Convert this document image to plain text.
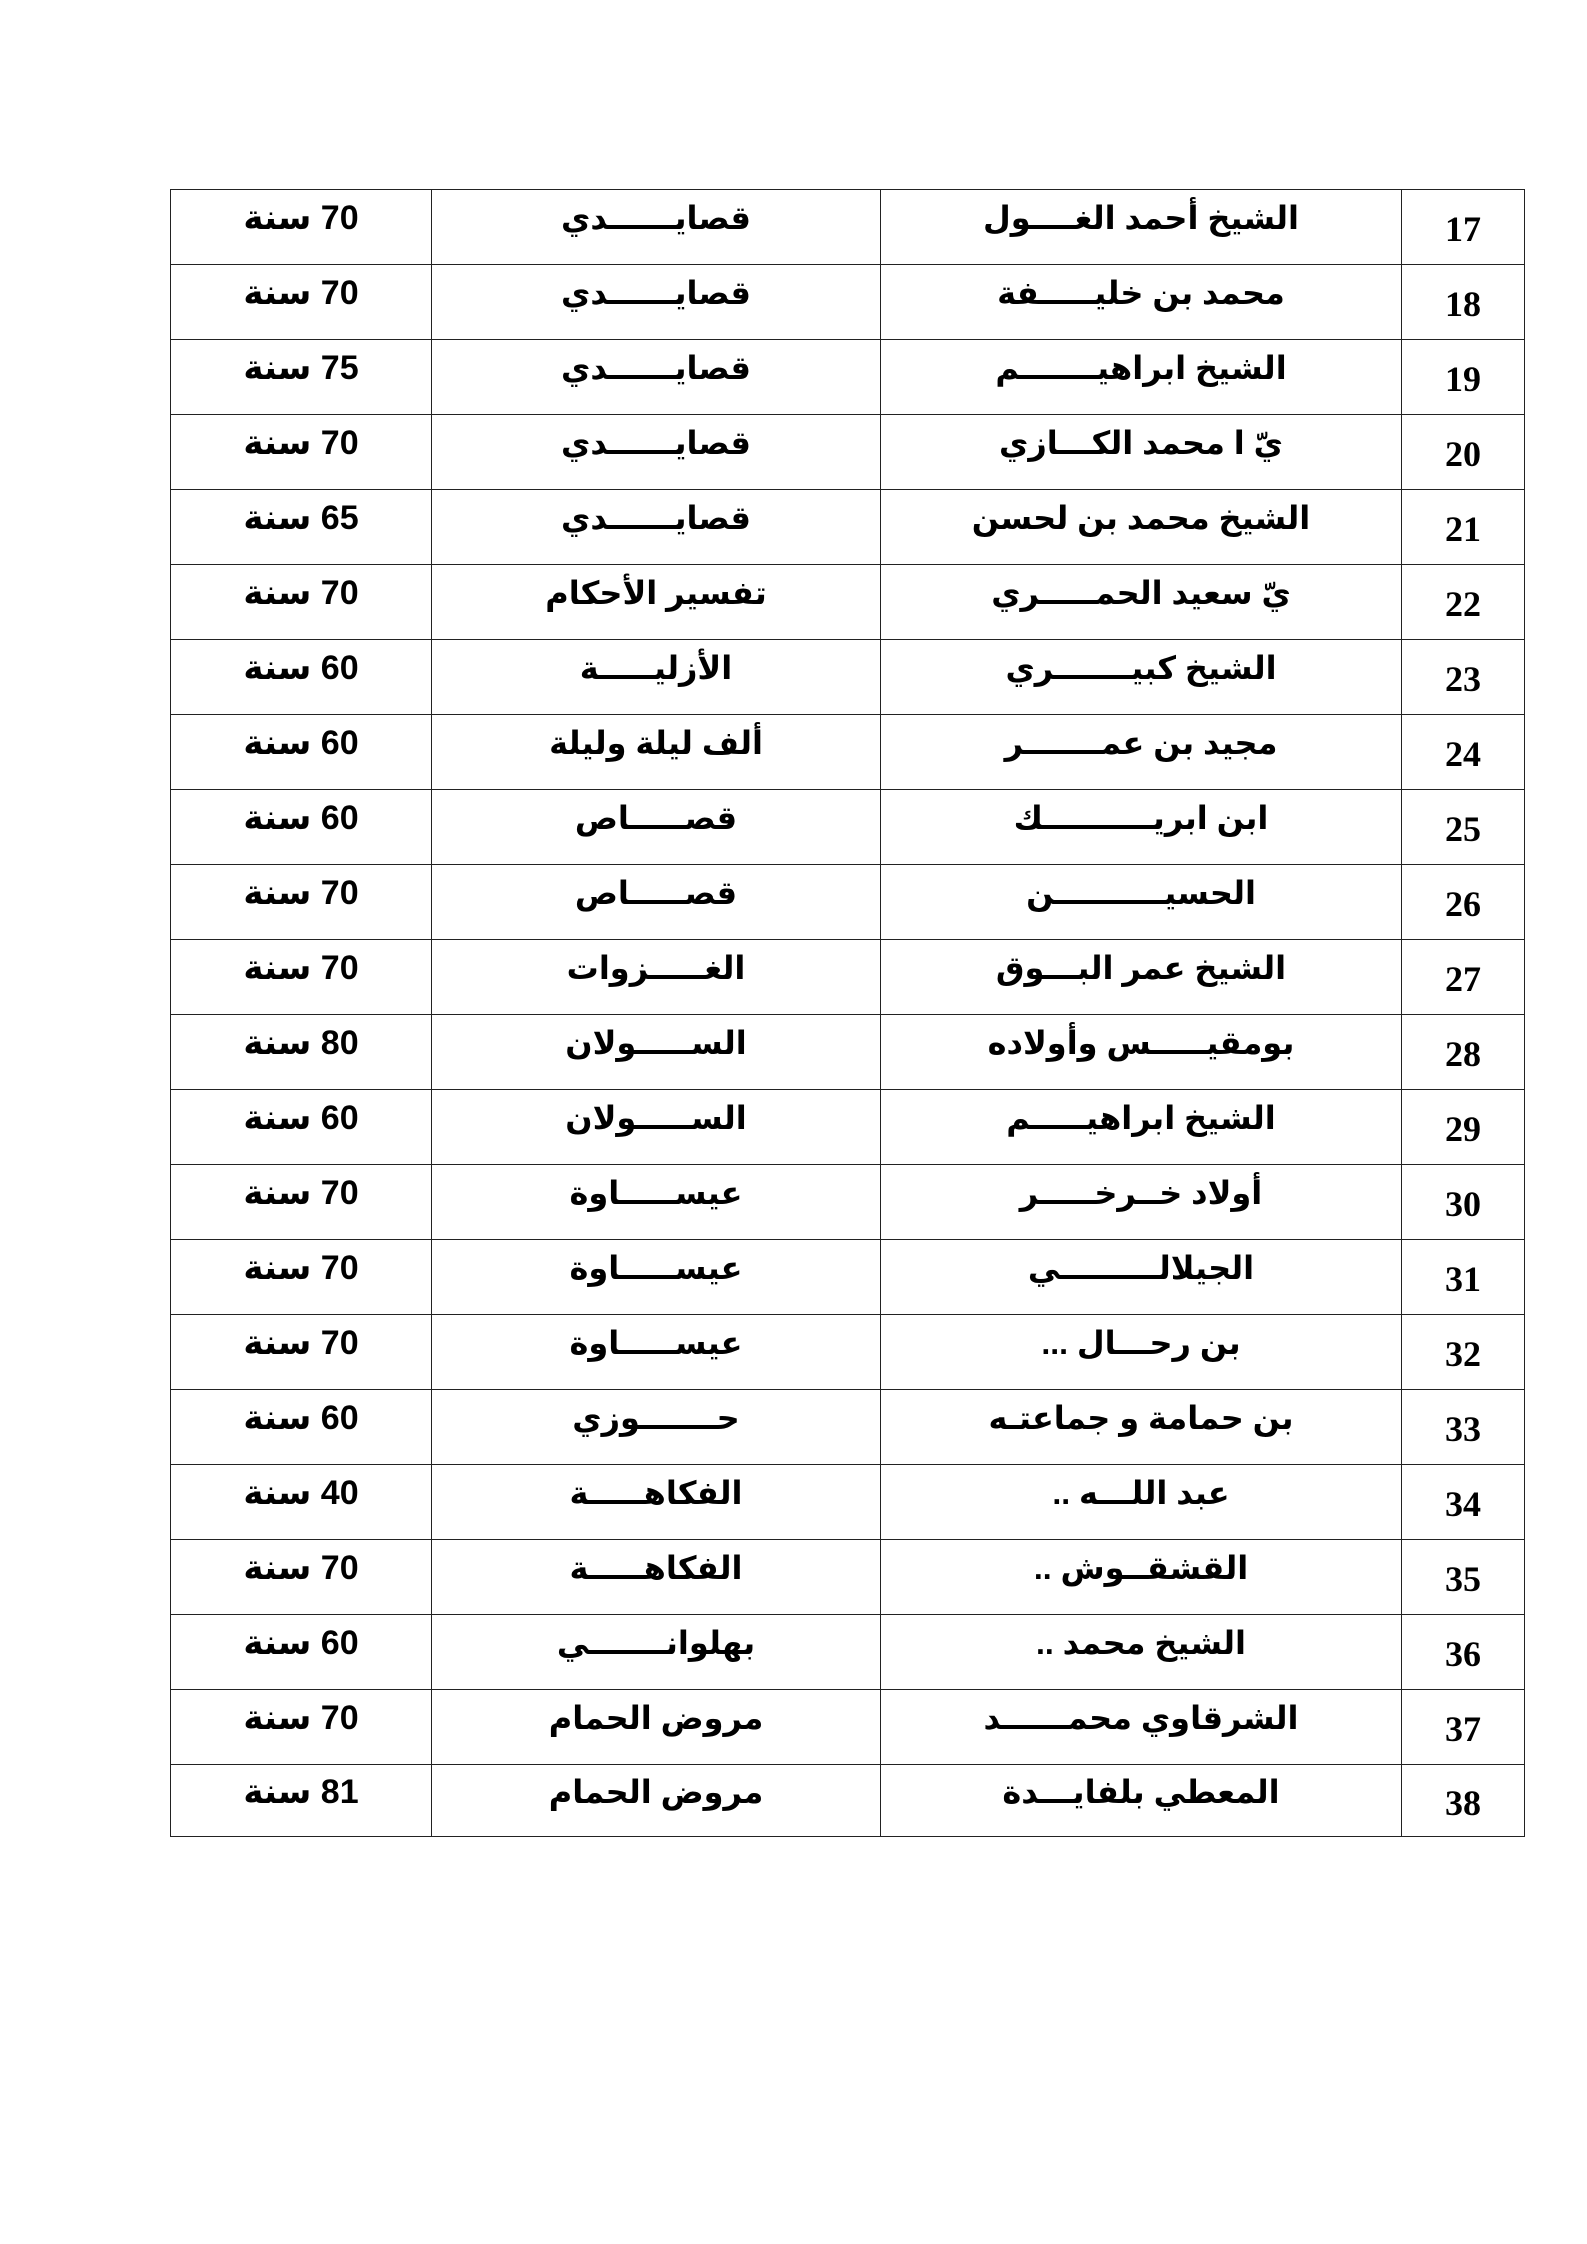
17	الشيخ أحمد الغــــول	قصايــــــدي	70 سنة
18	محمد بن خليـــــفة	قصايــــــدي	70 سنة
19	الشيخ ابراهيـــــــم	قصايــــــدي	75 سنة
20	يّ ا محمد الكـــازي	قصايــــــدي	70 سنة
21	الشيخ محمد بن لحسن	قصايــــــدي	65 سنة
22	يّ سعيد الحمـــــري	تفسير الأحكام	70 سنة
23	الشيخ كبيـــــــري	الأزليـــــة	60 سنة
24	مجيد بن عمـــــــر	ألف ليلة وليلة	60 سنة
25	ابن ابريــــــــــك	قصـــــاص	60 سنة
26	الحسيــــــــــن	قصـــــاص	70 سنة
27	الشيخ عمر البـــوق	الغـــــزوات	70 سنة
28	بومقيـــــس وأولاده	الســـــولان	80 سنة
29	الشيخ ابراهيـــــم	الســـــولان	60 سنة
30	أولاد خــرخـــــر	عيســـــاوة	70 سنة
31	الجيلالـــــــــي	عيســـــاوة	70 سنة
32	بن رحـــال ...	عيســـــاوة	70 سنة
33	بن حمامة و جماعتـه	حـــــــوزي	60 سنة
34	عبد اللـــه ..	الفكاهـــــة	40 سنة
35	القشقــوش ..	الفكاهـــــة	70 سنة
36	الشيخ محمد ..	بهلوانـــــــي	60 سنة
37	الشرقاوي محمــــــد	مروض الحمام	70 سنة
38	المعطي بلفايـــدة	مروض الحمام	81 سنة
